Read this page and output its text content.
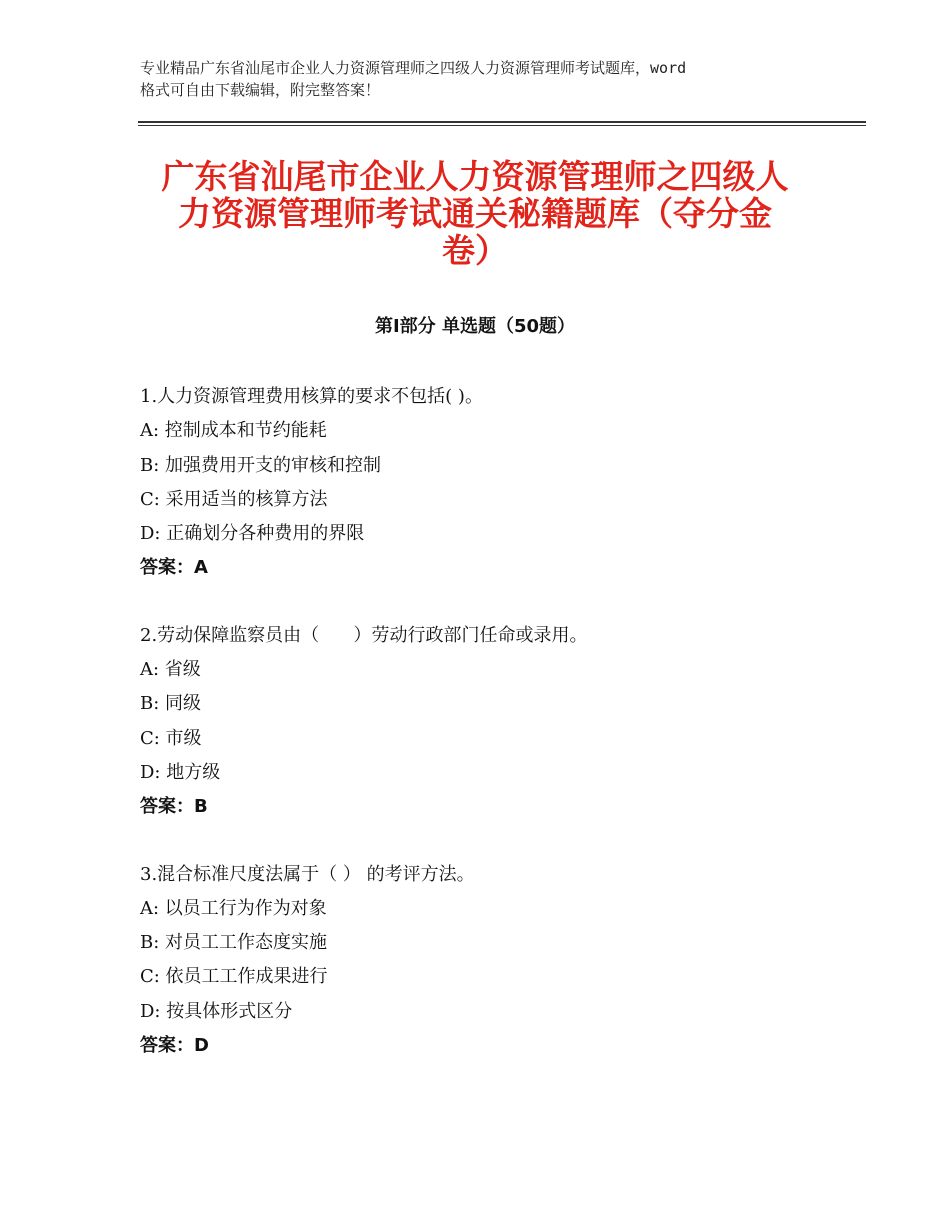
专业精品广东省汕尾市企业人力资源管理师之四级人力资源管理师考试题库，word
格式可自由下载编辑，附完整答案！
广东省汕尾市企业人力资源管理师之四级人
力资源管理师考试通关秘籍题库（夺分金
卷）
第Ⅰ部分 单选题（50题）
1.人力资源管理费用核算的要求不包括( )。
A: 控制成本和节约能耗
B: 加强费用开支的审核和控制
C: 采用适当的核算方法
D: 正确划分各种费用的界限
答案：A
2.劳动保障监察员由（      ）劳动行政部门任命或录用。
A: 省级
B: 同级
C: 市级
D: 地方级
答案：B
3.混合标准尺度法属于（ ） 的考评方法。
A: 以员工行为作为对象
B: 对员工工作态度实施
C: 依员工工作成果进行
D: 按具体形式区分
答案：D
